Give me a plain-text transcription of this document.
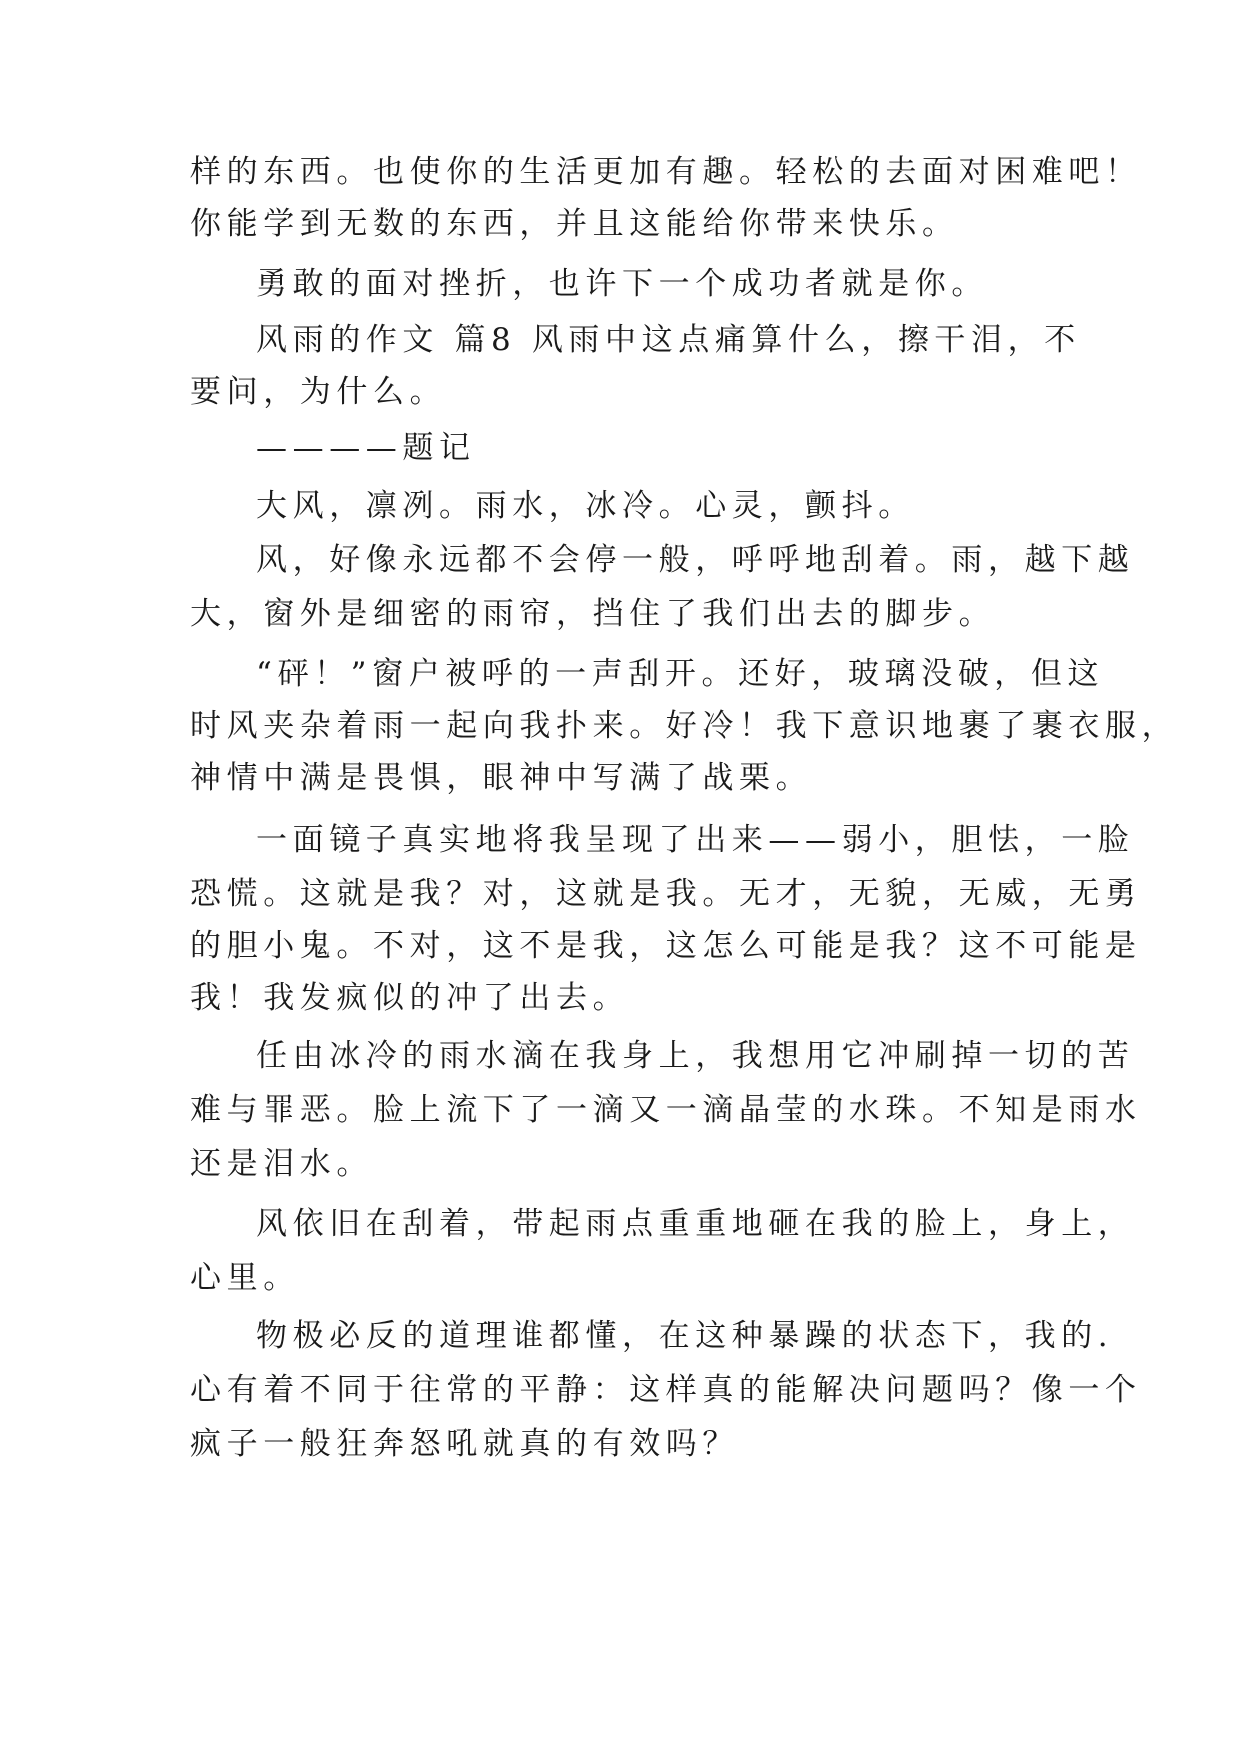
样的东西。也使你的生活更加有趣。轻松的去面对困难吧！
你能学到无数的东西，并且这能给你带来快乐。
勇敢的面对挫折，也许下一个成功者就是你。
风雨的作文 篇8 风雨中这点痛算什么，擦干泪，不
要问，为什么。
————题记
大风，凛冽。雨水，冰冷。心灵，颤抖。
风，好像永远都不会停一般，呼呼地刮着。雨，越下越
大，窗外是细密的雨帘，挡住了我们出去的脚步。
“砰！”窗户被呼的一声刮开。还好，玻璃没破，但这
时风夹杂着雨一起向我扑来。好冷！我下意识地裹了裹衣服，
神情中满是畏惧，眼神中写满了战栗。
一面镜子真实地将我呈现了出来——弱小，胆怯，一脸
恐慌。这就是我？对，这就是我。无才，无貌，无威，无勇
的胆小鬼。不对，这不是我，这怎么可能是我？这不可能是
我！我发疯似的冲了出去。
任由冰冷的雨水滴在我身上，我想用它冲刷掉一切的苦
难与罪恶。脸上流下了一滴又一滴晶莹的水珠。不知是雨水
还是泪水。
风依旧在刮着，带起雨点重重地砸在我的脸上，身上，
心里。
物极必反的道理谁都懂，在这种暴躁的状态下，我的.
心有着不同于往常的平静：这样真的能解决问题吗？像一个
疯子一般狂奔怒吼就真的有效吗？
